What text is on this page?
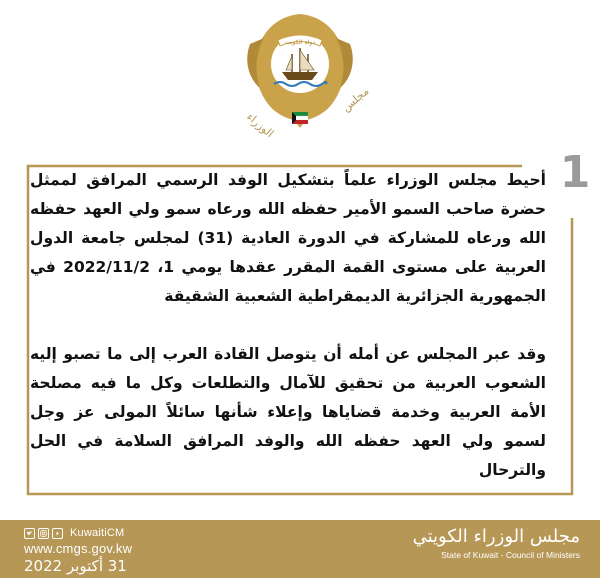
دولة الكويت
الوزراء
مجلس
1

أحيط مجلس الوزراء علماً بتشكيل الوفد الرسمي المرافق لممثل حضرة صاحب السمو الأمير حفظه الله ورعاه سمو ولي العهد حفظه الله ورعاه للمشاركة في الدورة العادية (31) لمجلس جامعة الدول العربية على مستوى القمة المقرر عقدها يومي 1، 2022/11/2 في الجمهورية الجزائرية الديمقراطية الشعبية الشقيقة

وقد عبر المجلس عن أمله أن يتوصل القادة العرب إلى ما تصبو إليه الشعوب العربية من تحقيق للآمال والتطلعات وكل ما فيه مصلحة الأمة العربية وخدمة قضاياها وإعلاء شأنها سائلاً المولى عز وجل لسمو ولي العهد حفظه الله والوفد المرافق السلامة في الحل والترحال

KuwaitiCM
www.cmgs.gov.kw
31 أكتوبر 2022
مجلس الوزراء الكويتي
State of Kuwait - Council of Ministers
